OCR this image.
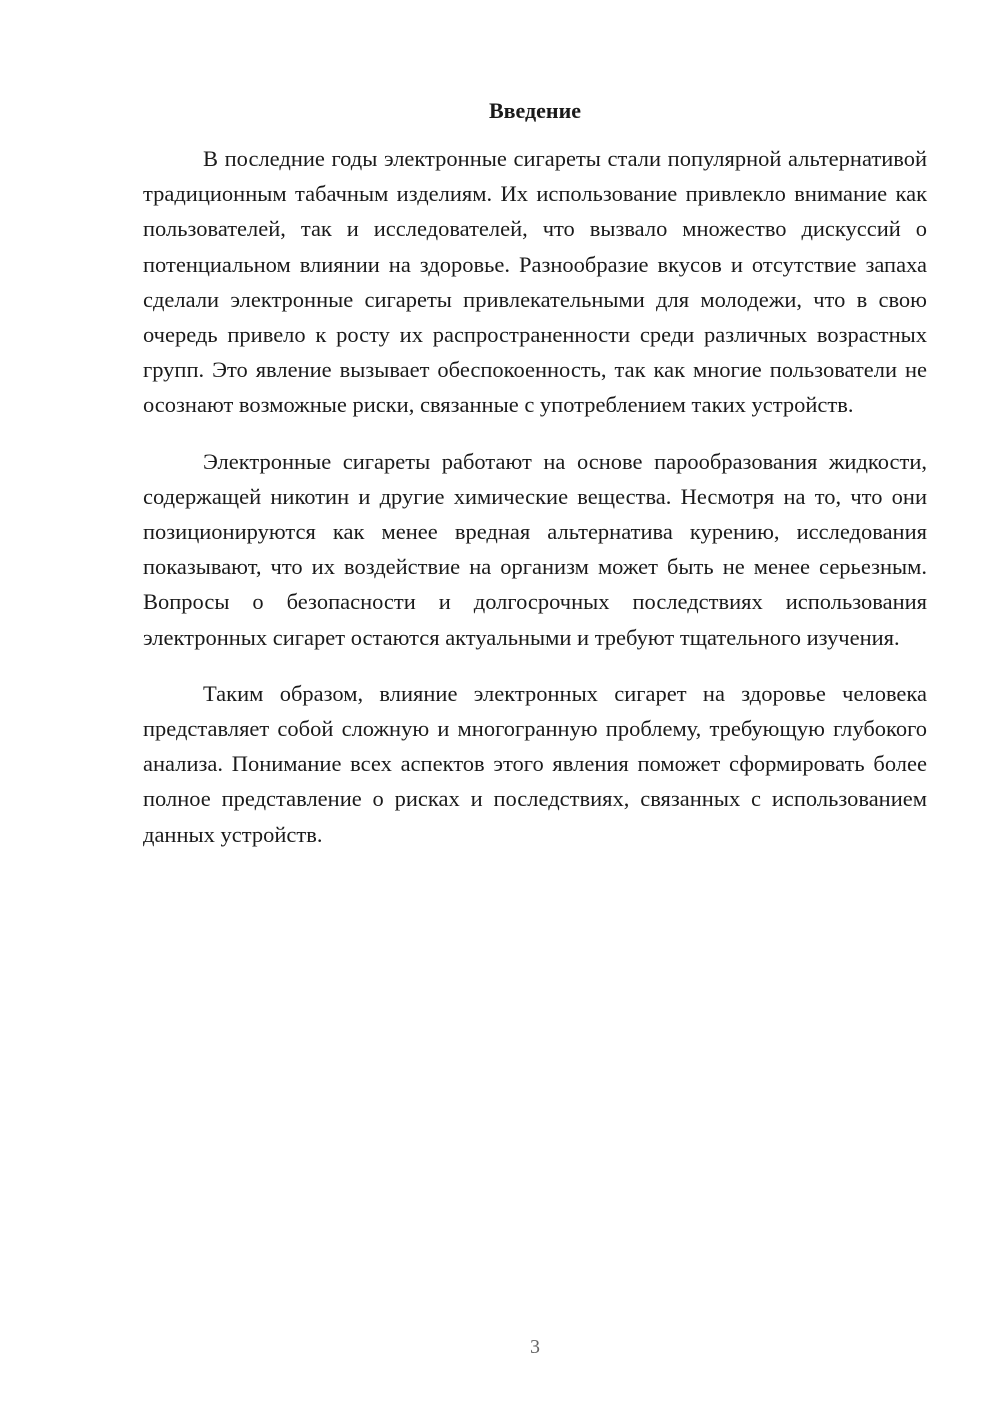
Введение

В последние годы электронные сигареты стали популярной альтернативой традиционным табачным изделиям. Их использование привлекло внимание как пользователей, так и исследователей, что вызвало множество дискуссий о потенциальном влиянии на здоровье. Разнообразие вкусов и отсутствие запаха сделали электронные сигареты привлекательными для молодежи, что в свою очередь привело к росту их распространенности среди различных возрастных групп. Это явление вызывает обеспокоенность, так как многие пользователи не осознают возможные риски, связанные с употреблением таких устройств.

Электронные сигареты работают на основе парообразования жидкости, содержащей никотин и другие химические вещества. Несмотря на то, что они позиционируются как менее вредная альтернатива курению, исследования показывают, что их воздействие на организм может быть не менее серьезным. Вопросы о безопасности и долгосрочных последствиях использования электронных сигарет остаются актуальными и требуют тщательного изучения.

Таким образом, влияние электронных сигарет на здоровье человека представляет собой сложную и многогранную проблему, требующую глубокого анализа. Понимание всех аспектов этого явления поможет сформировать более полное представление о рисках и последствиях, связанных с использованием данных устройств.

3
